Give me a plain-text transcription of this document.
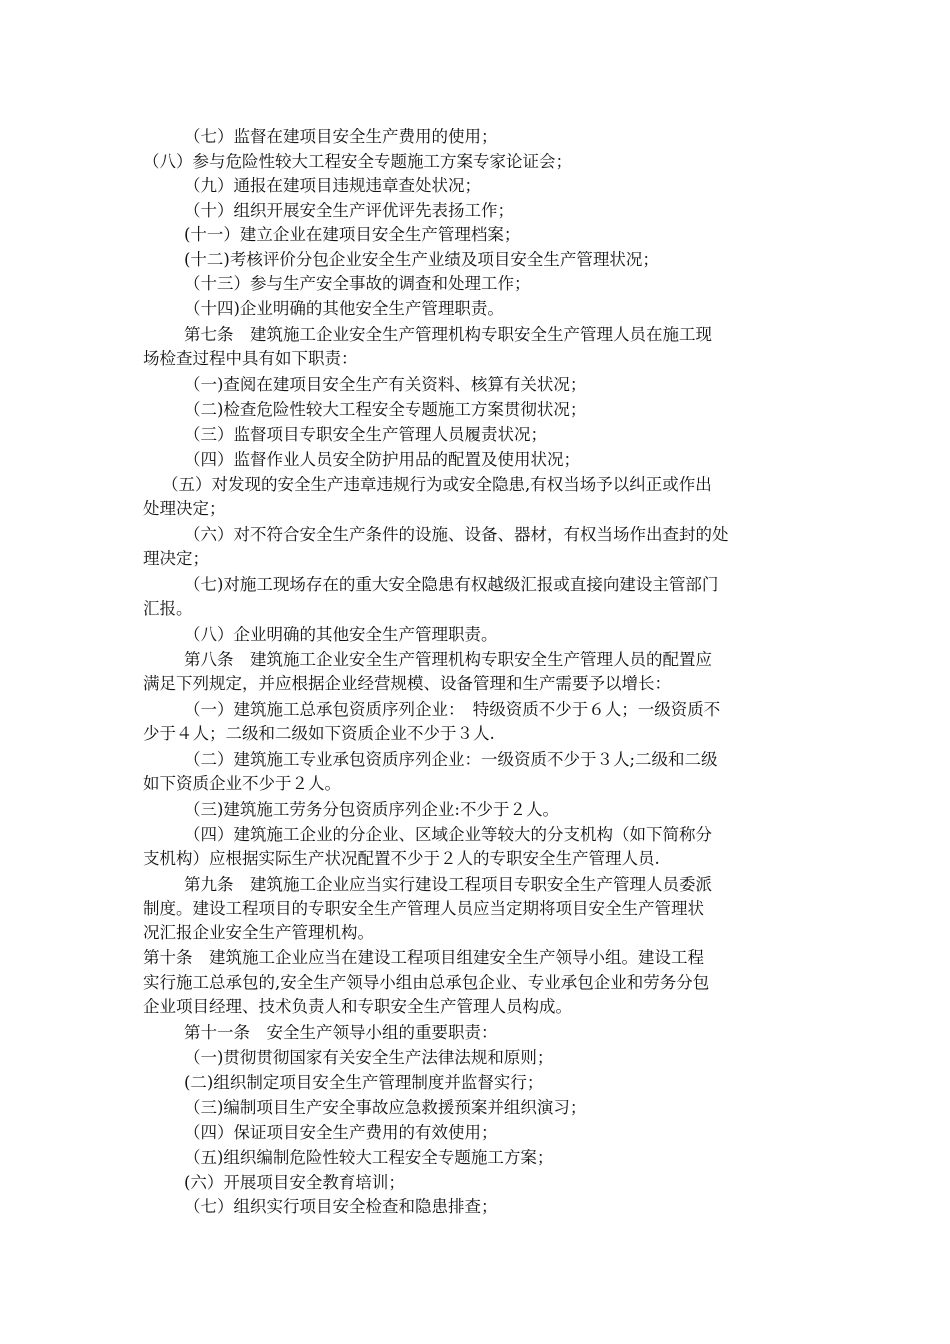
（七）监督在建项目安全生产费用的使用；

（八）参与危险性较大工程安全专题施工方案专家论证会；

（九）通报在建项目违规违章查处状况；

（十）组织开展安全生产评优评先表扬工作；

(十一）建立企业在建项目安全生产管理档案；

(十二)考核评价分包企业安全生产业绩及项目安全生产管理状况；

（十三）参与生产安全事故的调查和处理工作；

（十四)企业明确的其他安全生产管理职责。

第七条　建筑施工企业安全生产管理机构专职安全生产管理人员在施工现

场检查过程中具有如下职责：

（一)查阅在建项目安全生产有关资料、核算有关状况；

（二)检查危险性较大工程安全专题施工方案贯彻状况；

（三）监督项目专职安全生产管理人员履责状况；

（四）监督作业人员安全防护用品的配置及使用状况；

（五）对发现的安全生产违章违规行为或安全隐患,有权当场予以纠正或作出

处理决定；

（六）对不符合安全生产条件的设施、设备、器材，有权当场作出查封的处

理决定；

（七)对施工现场存在的重大安全隐患有权越级汇报或直接向建设主管部门

汇报。

（八）企业明确的其他安全生产管理职责。

第八条　建筑施工企业安全生产管理机构专职安全生产管理人员的配置应

满足下列规定，并应根据企业经营规模、设备管理和生产需要予以增长：

（一）建筑施工总承包资质序列企业：　特级资质不少于６人；一级资质不

少于４人；二级和二级如下资质企业不少于３人.

（二）建筑施工专业承包资质序列企业：一级资质不少于３人;二级和二级

如下资质企业不少于２人。

（三)建筑施工劳务分包资质序列企业:不少于２人。

（四）建筑施工企业的分企业、区域企业等较大的分支机构（如下简称分

支机构）应根据实际生产状况配置不少于２人的专职安全生产管理人员.

第九条　建筑施工企业应当实行建设工程项目专职安全生产管理人员委派

制度。建设工程项目的专职安全生产管理人员应当定期将项目安全生产管理状

况汇报企业安全生产管理机构。

第十条　建筑施工企业应当在建设工程项目组建安全生产领导小组。建设工程

实行施工总承包的,安全生产领导小组由总承包企业、专业承包企业和劳务分包

企业项目经理、技术负责人和专职安全生产管理人员构成。

第十一条　安全生产领导小组的重要职责：

（一)贯彻贯彻国家有关安全生产法律法规和原则；

(二)组织制定项目安全生产管理制度并监督实行；

（三)编制项目生产安全事故应急救援预案并组织演习；

（四）保证项目安全生产费用的有效使用；

（五)组织编制危险性较大工程安全专题施工方案；

(六）开展项目安全教育培训；

（七）组织实行项目安全检查和隐患排查；
